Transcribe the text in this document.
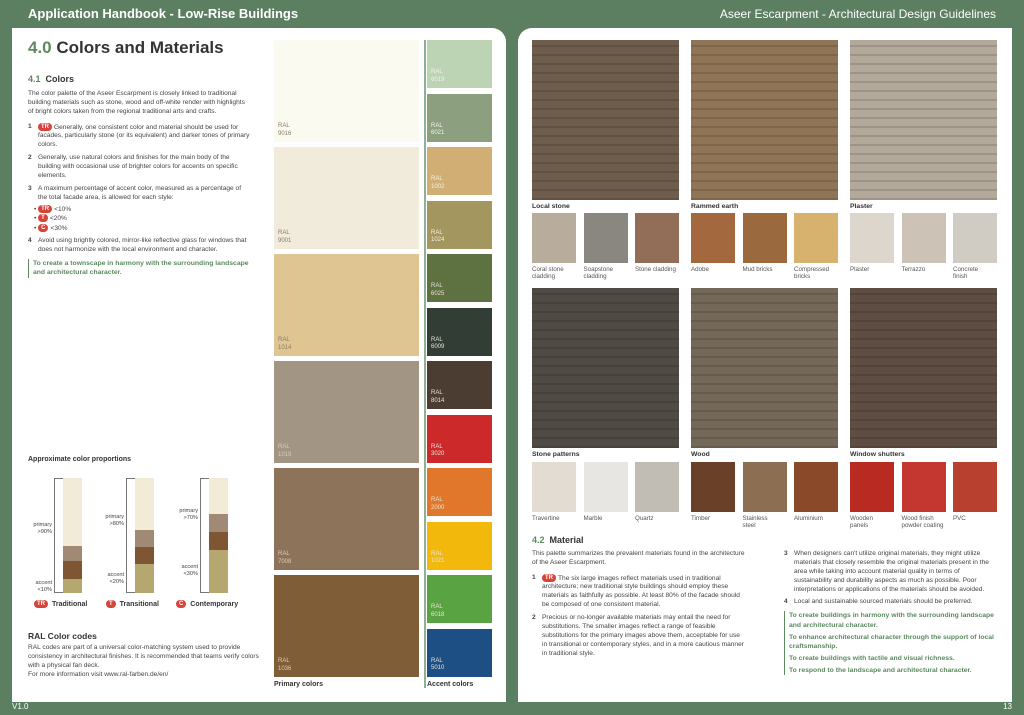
Application Handbook - Low-Rise Buildings	Aseer Escarpment - Architectural Design Guidelines
4.0 Colors and Materials
4.1 Colors

The color palette of the Aseer Escarpment is closely linked to traditional building materials such as stone, wood and off-white render with highlights of bright colors taken from the regional traditional arts and crafts.

1 TR Generally, one consistent color and material should be used for facades, particularly stone (or its equivalent) and darker tones of primary colors.
2 Generally, use natural colors and finishes for the main body of the building with occasional use of brighter colors for accents on specific elements.
3 A maximum percentage of accent color, measured as a percentage of the total facade area, is allowed for each style:
• TR <10%
• T <20%
• C <30%
4 Avoid using brightly colored, mirror-like reflective glass for windows that does not harmonize with the local environment and character.

To create a townscape in harmony with the surrounding landscape and architectural character.

Approximate color proportions
primary
>90%
accent
<10%
TR Traditional
primary
>80%
accent
<20%
T Transitional
primary
>70%
accent
<30%
C Contemporary
RAL Color codes

RAL codes are part of a universal color-matching system used to provide consistency in architectural finishes. It is recommended that teams verify colors with a physical fan deck.

For more information visit www.ral-farben.de/en/

RAL
9016
RAL
9001
RAL
1014
RAL
1019
RAL
7008
RAL
1036
Primary colors
RAL
6019
RAL
6021
RAL
1002
RAL
1024
RAL
6025
RAL
6009
RAL
8014
RAL
3020
RAL
2000
RAL
1021
RAL
6018
RAL
5010
Accent colors
Local stone	Rammed earth	Plaster
Stone patterns	Wood	Window shutters
Coral stone
cladding
Soapstone
cladding
Stone cladding	Adobe	Mud bricks	Compressed
bricks
Plaster	Terrazzo	Concrete
finish
Travertine	Marble	Quartz	Timber	Stainless
steel
Aluminium	Wooden
panels
Wood finish
powder coating
PVC
4.2 Material

This palette summarizes the prevalent materials found in the architecture of the Aseer Escarpment.

1 TR The six large images reflect materials used in traditional architecture; new traditional style buildings should employ these materials as faithfully as possible. At least 80% of the facade should be composed of one consistent material.
2 Precious or no-longer available materials may entail the need for substitutions. The smaller images reflect a range of feasible substitutions for the primary images above them, acceptable for use in transitional or contemporary styles, and in a more cautious manner in traditional style.
3 When designers can't utilize original materials, they might utilize materials that closely resemble the original materials present in the area while taking into account material quality in terms of sustainability and durability aspects as much as possible. Poor interpretations or applications of the materials should be avoided.
4 Local and sustainable sourced materials should be preferred.

To create buildings in harmony with the surrounding landscape and architectural character.

To enhance architectural character through the support of local craftsmanship.

To create buildings with tactile and visual richness.

To respond to the landscape and architectural character.

V1.0	13
